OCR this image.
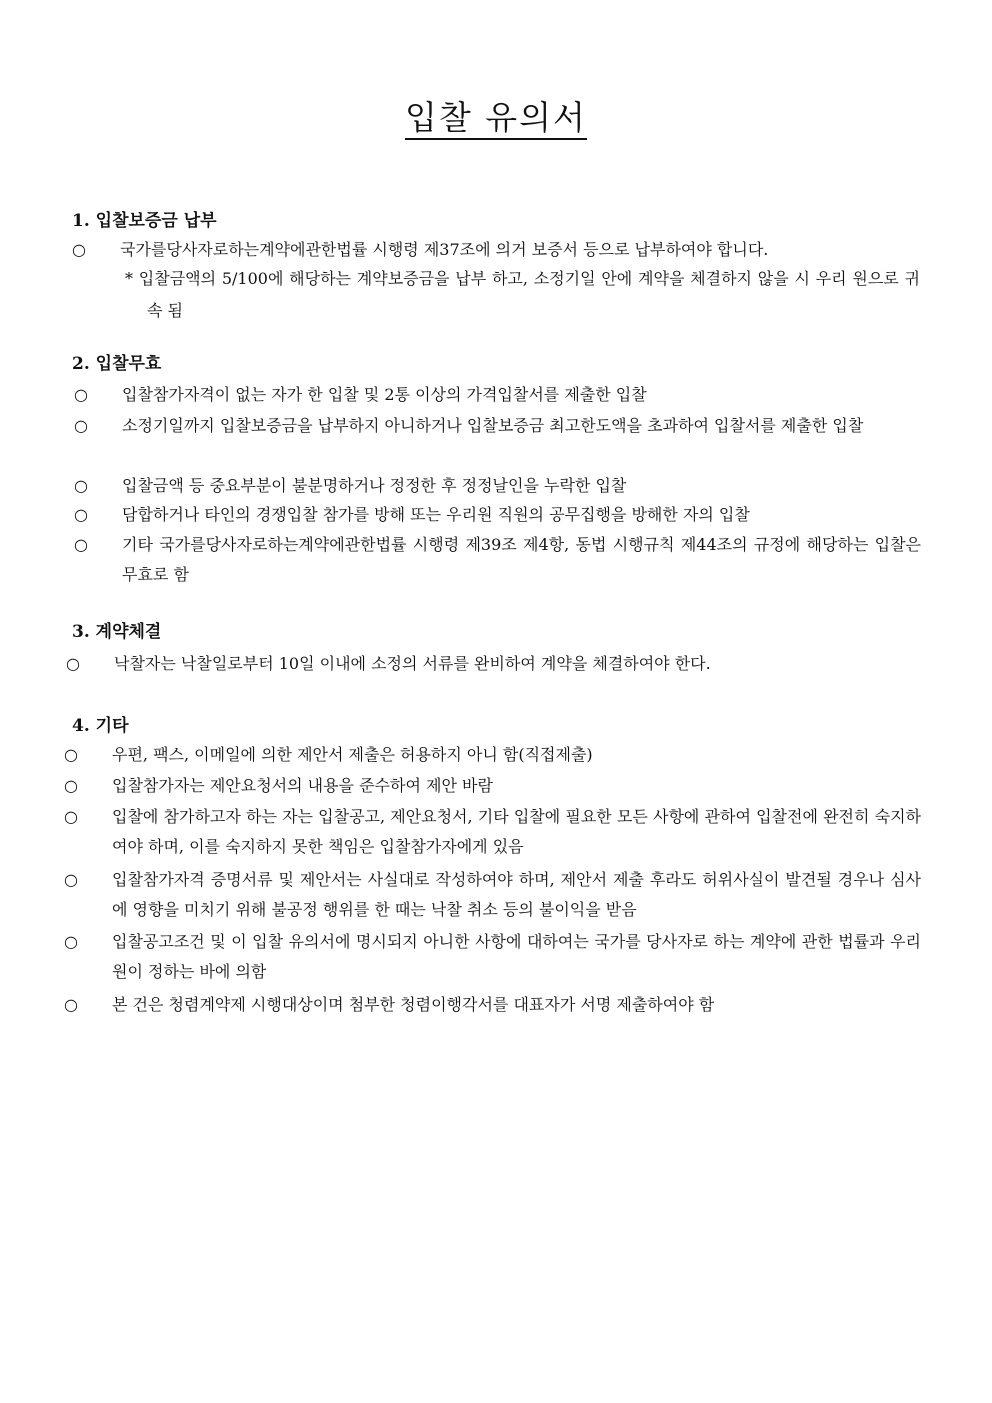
입찰 유의서
1. 입찰보증금 납부
○ 국가를당사자로하는계약에관한법률 시행령 제37조에 의거 보증서 등으로 납부하여야 합니다.
* 입찰금액의 5/100에 해당하는 계약보증금을 납부 하고, 소정기일 안에 계약을 체결하지 않을 시 우리 원으로 귀속 됨
2. 입찰무효
○ 입찰참가자격이 없는 자가 한 입찰 및 2통 이상의 가격입찰서를 제출한 입찰
○ 소정기일까지 입찰보증금을 납부하지 아니하거나 입찰보증금 최고한도액을 초과하여 입찰서를 제출한 입찰
○ 입찰금액 등 중요부분이 불분명하거나 정정한 후 정정날인을 누락한 입찰
○ 담합하거나 타인의 경쟁입찰 참가를 방해 또는 우리원 직원의 공무집행을 방해한 자의 입찰
○ 기타 국가를당사자로하는계약에관한법률 시행령 제39조 제4항, 동법 시행규칙 제44조의 규정에 해당하는 입찰은 무효로 함
3. 계약체결
○ 낙찰자는 낙찰일로부터 10일 이내에 소정의 서류를 완비하여 계약을 체결하여야 한다.
4. 기타
○ 우편, 팩스, 이메일에 의한 제안서 제출은 허용하지 아니 함(직접제출)
○ 입찰참가자는 제안요청서의 내용을 준수하여 제안 바람
○ 입찰에 참가하고자 하는 자는 입찰공고, 제안요청서, 기타 입찰에 필요한 모든 사항에 관하여 입찰전에 완전히 숙지하여야 하며, 이를 숙지하지 못한 책임은 입찰참가자에게 있음
○ 입찰참가자격 증명서류 및 제안서는 사실대로 작성하여야 하며, 제안서 제출 후라도 허위사실이 발견될 경우나 심사에 영향을 미치기 위해 불공정 행위를 한 때는 낙찰 취소 등의 불이익을 받음
○ 입찰공고조건 및 이 입찰 유의서에 명시되지 아니한 사항에 대하여는 국가를 당사자로 하는 계약에 관한 법률과 우리원이 정하는 바에 의함
○ 본 건은 청렴계약제 시행대상이며 첨부한 청렴이행각서를 대표자가 서명 제출하여야 함
